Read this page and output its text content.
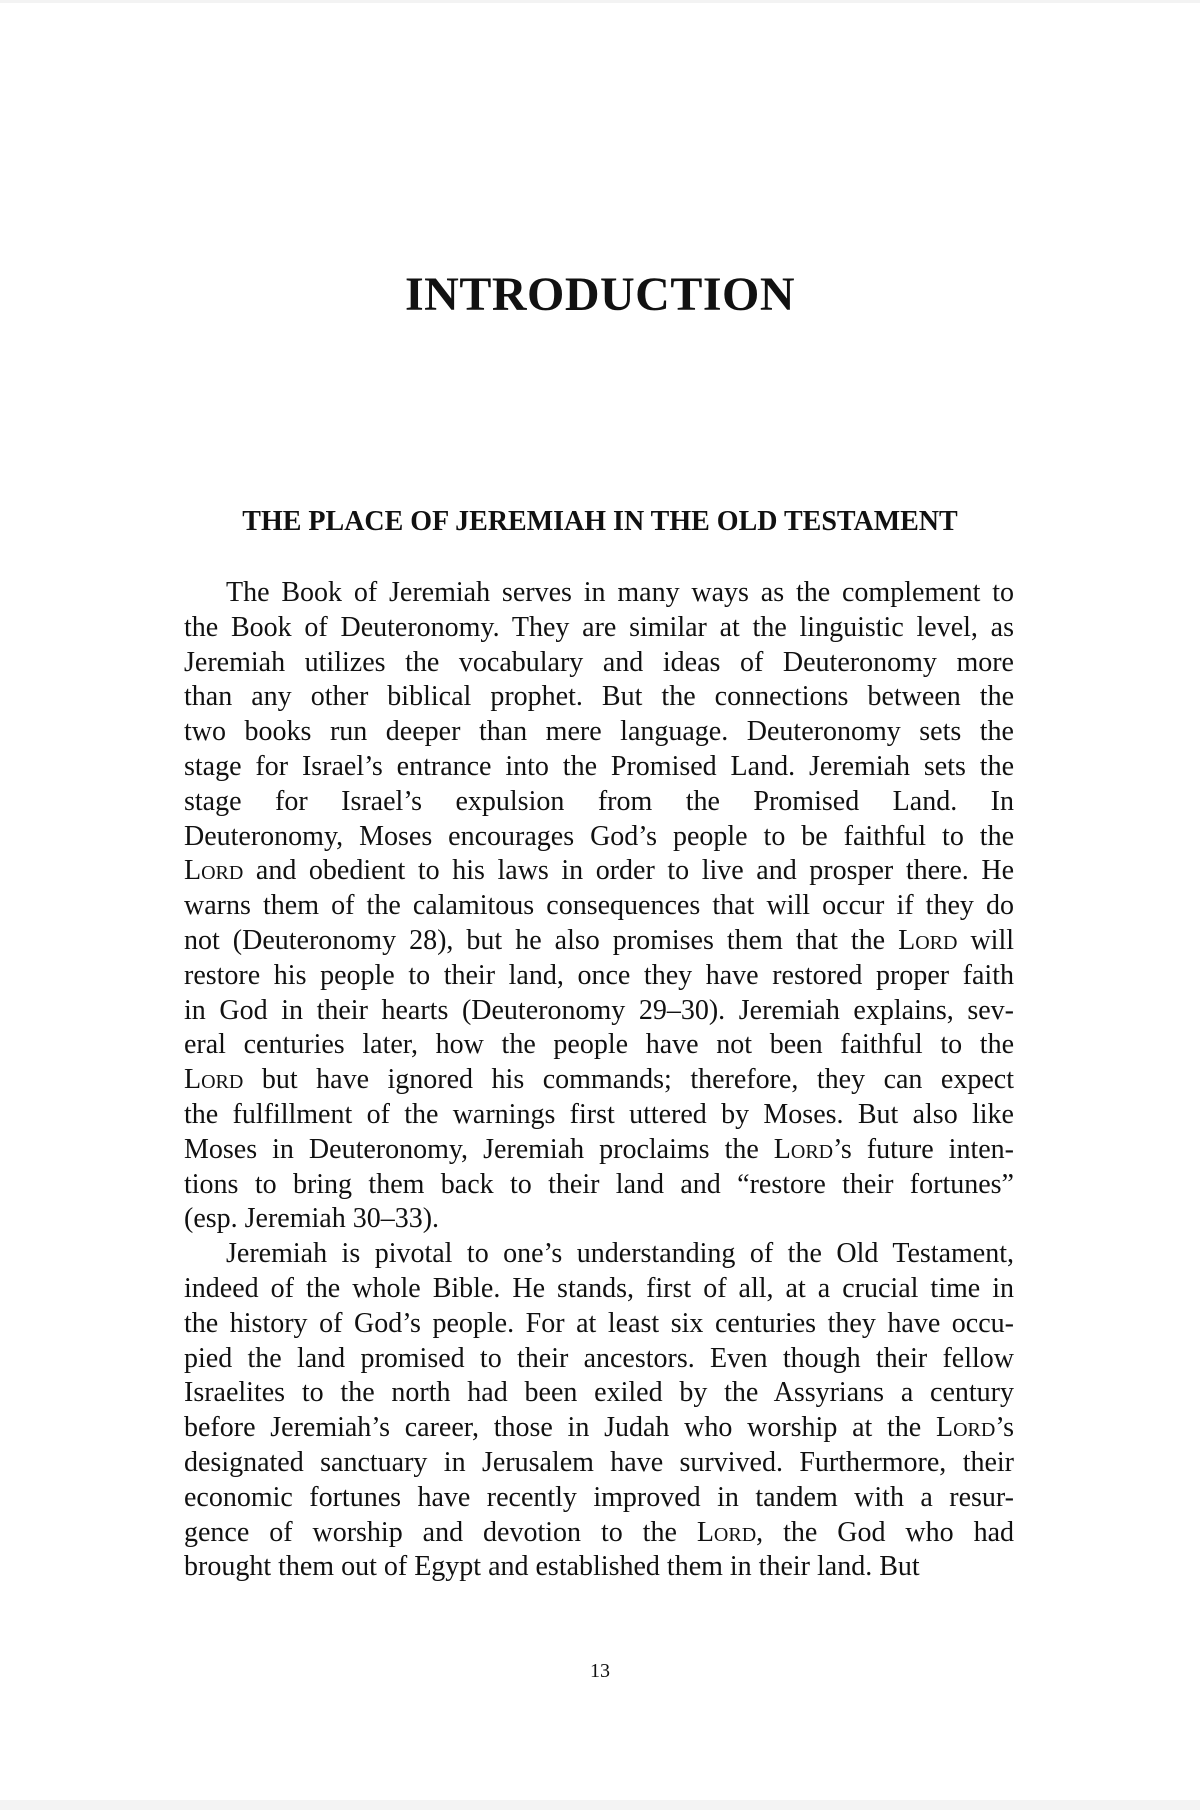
INTRODUCTION
THE PLACE OF JEREMIAH IN THE OLD TESTAMENT
The Book of Jeremiah serves in many ways as the complement to
the Book of Deuteronomy. They are similar at the linguistic level, as
Jeremiah utilizes the vocabulary and ideas of Deuteronomy more
than any other biblical prophet. But the connections between the
two books run deeper than mere language. Deuteronomy sets the
stage for Israel’s entrance into the Promised Land. Jeremiah sets the
stage for Israel’s expulsion from the Promised Land. In
Deuteronomy, Moses encourages God’s people to be faithful to the
Lord and obedient to his laws in order to live and prosper there. He
warns them of the calamitous consequences that will occur if they do
not (Deuteronomy 28), but he also promises them that the Lord will
restore his people to their land, once they have restored proper faith
in God in their hearts (Deuteronomy 29–30). Jeremiah explains, sev-
eral centuries later, how the people have not been faithful to the
Lord but have ignored his commands; therefore, they can expect
the fulfillment of the warnings first uttered by Moses. But also like
Moses in Deuteronomy, Jeremiah proclaims the Lord’s future inten-
tions to bring them back to their land and “restore their fortunes”
(esp. Jeremiah 30–33).
Jeremiah is pivotal to one’s understanding of the Old Testament,
indeed of the whole Bible. He stands, first of all, at a crucial time in
the history of God’s people. For at least six centuries they have occu-
pied the land promised to their ancestors. Even though their fellow
Israelites to the north had been exiled by the Assyrians a century
before Jeremiah’s career, those in Judah who worship at the Lord’s
designated sanctuary in Jerusalem have survived. Furthermore, their
economic fortunes have recently improved in tandem with a resur-
gence of worship and devotion to the Lord, the God who had
brought them out of Egypt and established them in their land. But
13
